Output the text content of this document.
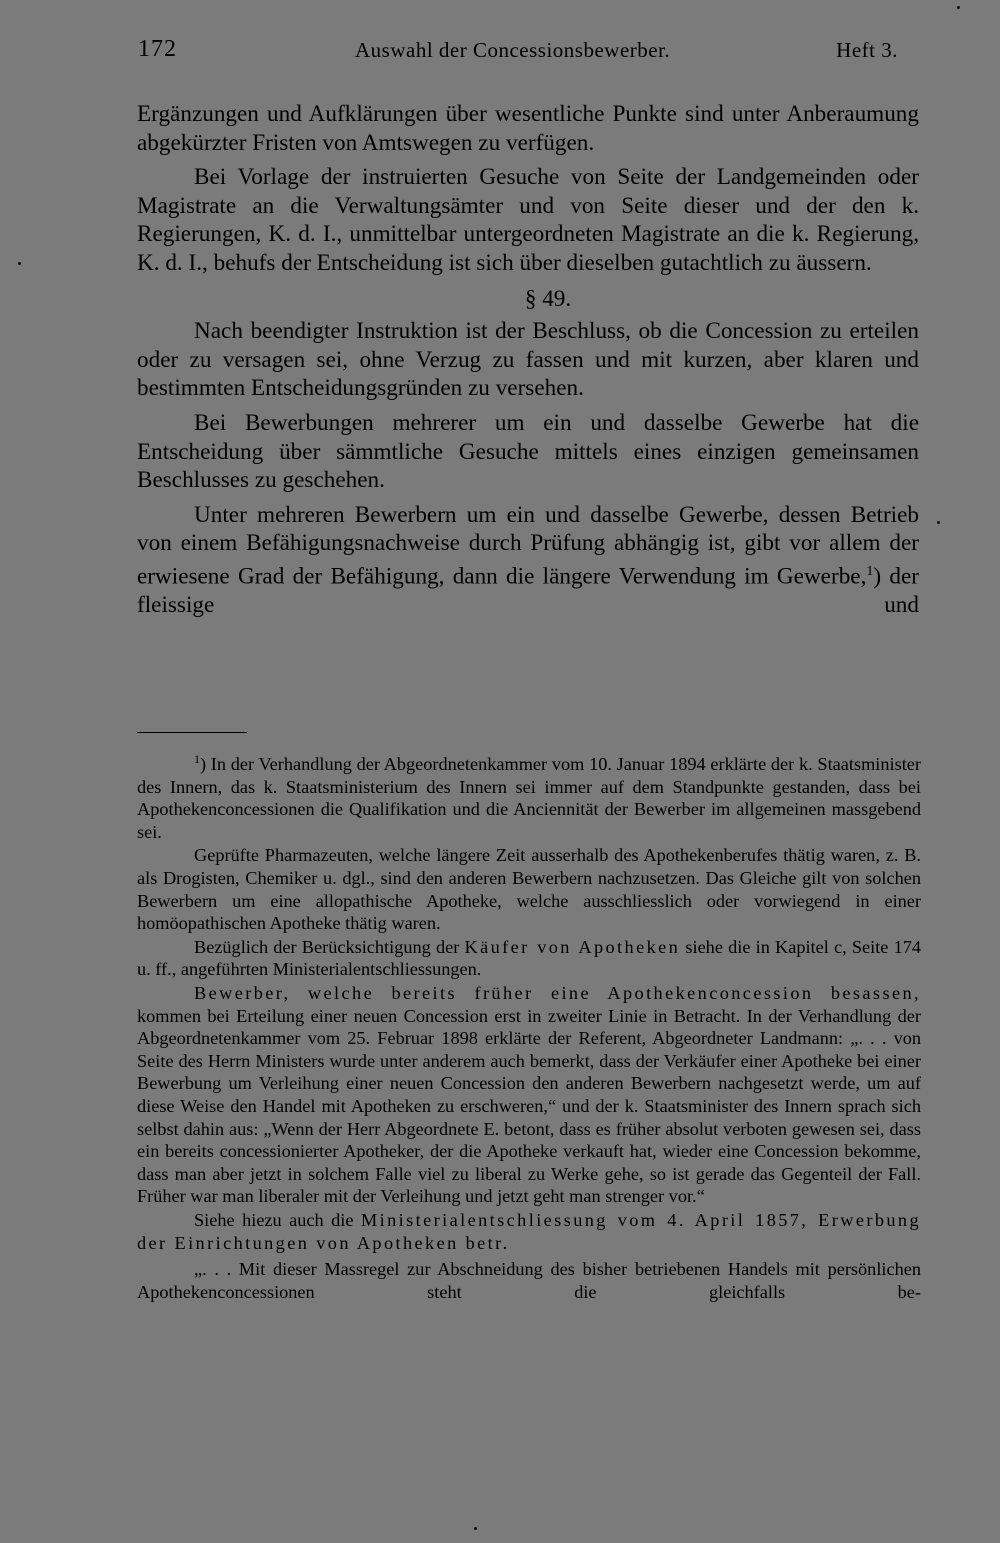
172	Auswahl der Concessionsbewerber.	Heft 3.

Ergänzungen und Aufklärungen über wesentliche Punkte sind unter Anberaumung abgekürzter Fristen von Amtswegen zu verfügen.

Bei Vorlage der instruierten Gesuche von Seite der Landgemeinden oder Magistrate an die Verwaltungsämter und von Seite dieser und der den k. Regierungen, K. d. I., unmittelbar untergeordneten Magistrate an die k. Regierung, K. d. I., behufs der Entscheidung ist sich über dieselben gutachtlich zu äussern.

§ 49.

Nach beendigter Instruktion ist der Beschluss, ob die Concession zu erteilen oder zu versagen sei, ohne Verzug zu fassen und mit kurzen, aber klaren und bestimmten Entscheidungsgründen zu versehen.

Bei Bewerbungen mehrerer um ein und dasselbe Gewerbe hat die Entscheidung über sämmtliche Gesuche mittels eines einzigen gemeinsamen Beschlusses zu geschehen.

Unter mehreren Bewerbern um ein und dasselbe Gewerbe, dessen Betrieb von einem Befähigungsnachweise durch Prüfung abhängig ist, gibt vor allem der erwiesene Grad der Befähigung, dann die längere Verwendung im Gewerbe,$^1$) der fleissige und

$^1$) In der Verhandlung der Abgeordnetenkammer vom 10. Januar 1894 erklärte der k. Staatsminister des Innern, das k. Staatsministerium des Innern sei immer auf dem Standpunkte gestanden, dass bei Apothekenconcessionen die Qualifikation und die Anciennität der Bewerber im allgemeinen massgebend sei.

Geprüfte Pharmazeuten, welche längere Zeit ausserhalb des Apothekenberufes thätig waren, z. B. als Drogisten, Chemiker u. dgl., sind den anderen Bewerbern nachzusetzen. Das Gleiche gilt von solchen Bewerbern um eine allopathische Apotheke, welche ausschliesslich oder vorwiegend in einer homöopathischen Apotheke thätig waren.

Bezüglich der Berücksichtigung der Käufer von Apotheken siehe die in Kapitel c, Seite 174 u. ff., angeführten Ministerialentschliessungen.

Bewerber, welche bereits früher eine Apothekenconcession besassen, kommen bei Erteilung einer neuen Concession erst in zweiter Linie in Betracht. In der Verhandlung der Abgeordnetenkammer vom 25. Februar 1898 erklärte der Referent, Abgeordneter Landmann: „. . . von Seite des Herrn Ministers wurde unter anderem auch bemerkt, dass der Verkäufer einer Apotheke bei einer Bewerbung um Verleihung einer neuen Concession den anderen Bewerbern nachgesetzt werde, um auf diese Weise den Handel mit Apotheken zu erschweren,“ und der k. Staatsminister des Innern sprach sich selbst dahin aus: „Wenn der Herr Abgeordnete E. betont, dass es früher absolut verboten gewesen sei, dass ein bereits concessionierter Apotheker, der die Apotheke verkauft hat, wieder eine Concession bekomme, dass man aber jetzt in solchem Falle viel zu liberal zu Werke gehe, so ist gerade das Gegenteil der Fall. Früher war man liberaler mit der Verleihung und jetzt geht man strenger vor.“

Siehe hiezu auch die Ministerialentschliessung vom 4. April 1857, Erwerbung der Einrichtungen von Apotheken betr.

„. . . Mit dieser Massregel zur Abschneidung des bisher betriebenen Handels mit persönlichen Apothekenconcessionen steht die gleichfalls be-
